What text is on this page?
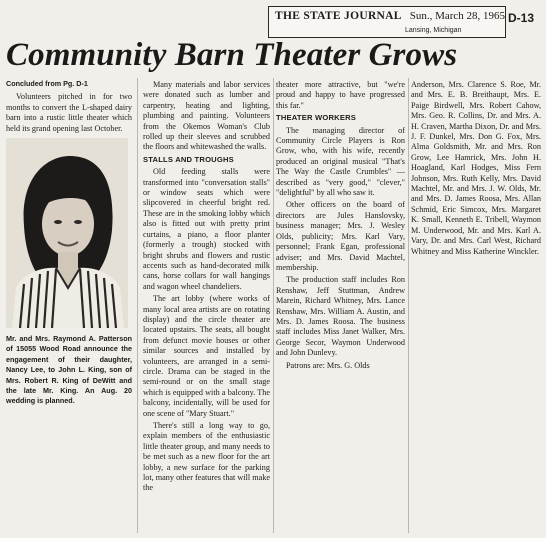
THE STATE JOURNAL Sun., March 28, 1965
Lansing, Michigan
D-13
Community Barn Theater Grows

Concluded from Pg. D-1

Volunteers pitched in for two months to convert the L-shaped dairy barn into a rustic little theater which held its grand opening last October.

Mr. and Mrs. Raymond A. Patterson of 15055 Wood Road announce the engagement of their daughter, Nancy Lee, to John L. King, son of Mrs. Robert R. King of DeWitt and the late Mr. King. An Aug. 20 wedding is planned.

Many materials and labor services were donated such as lumber and carpentry, heating and lighting, plumbing and painting. Volunteers from the Okemos Woman's Club rolled up their sleeves and scrubbed the floors and whitewashed the walls.

STALLS AND TROUGHS

Old feeding stalls were transformed into "conversation stalls" or window seats which were slipcovered in cheerful bright red. These are in the smoking lobby which also is fitted out with pretty print curtains, a piano, a floor planter (formerly a trough) stocked with bright shrubs and flowers and rustic accents such as hand-decorated milk cans, horse collars for wall hangings and wagon wheel chandeliers.

The art lobby (where works of many local area artists are on rotating display) and the circle theater are located upstairs. The seats, all bought from defunct movie houses or other similar sources and installed by volunteers, are arranged in a semi-circle. Drama can be staged in the semi-round or on the small stage which is equipped with a balcony. The balcony, incidentally, will be used for one scene of "Mary Stuart."

There's still a long way to go, explain members of the enthusiastic little theater group, and many needs to be met such as a new floor for the art lobby, a new surface for the parking lot, many other features that will make the

theater more attractive, but "we're proud and happy to have progressed this far."

THEATER WORKERS

The managing director of Community Circle Players is Ron Grow, who, with his wife, recently produced an original musical "That's The Way the Castle Crumbles" — described as "very good," "clever," "delightful" by all who saw it.

Other officers on the board of directors are Jules Hanslovsky, business manager; Mrs. J. Wesley Olds, publicity; Mrs. Karl Vary, personnel; Frank Egan, professional adviser; and Mrs. David Machtel, membership.

The production staff includes Ron Renshaw, Jeff Stuttman, Andrew Marein, Richard Whitney, Mrs. Lance Renshaw, Mrs. William A. Austin, and Mrs. D. James Roosa. The business staff includes Miss Janet Walker, Mrs. George Secor, Waymon Underwood and John Dunlevy.

Patrons are: Mrs. G. Olds

Anderson, Mrs. Clarence S. Roe, Mr. and Mrs. E. B. Breithaupt, Mrs. E. Paige Birdwell, Mrs. Robert Cahow, Mrs. Geo. R. Collins, Dr. and Mrs. A. H. Craven, Martha Dixon, Dr. and Mrs. J. F. Dunkel, Mrs. Don G. Fox, Mrs. Alma Goldsmith, Mr. and Mrs. Ron Grow, Lee Hamrick, Mrs. John H. Hoagland, Karl Hodges, Miss Fern Johnson, Mrs. Ruth Kelly, Mrs. David Machtel, Mr. and Mrs. J. W. Olds, Mr. and Mrs. D. James Roosa, Mrs. Allan Schmid, Eric Simcox, Mrs. Margaret K. Small, Kenneth E. Tribell, Waymon M. Underwood, Mr. and Mrs. Karl A. Vary, Dr. and Mrs. Carl West, Richard Whitney and Miss Katherine Winckler.
